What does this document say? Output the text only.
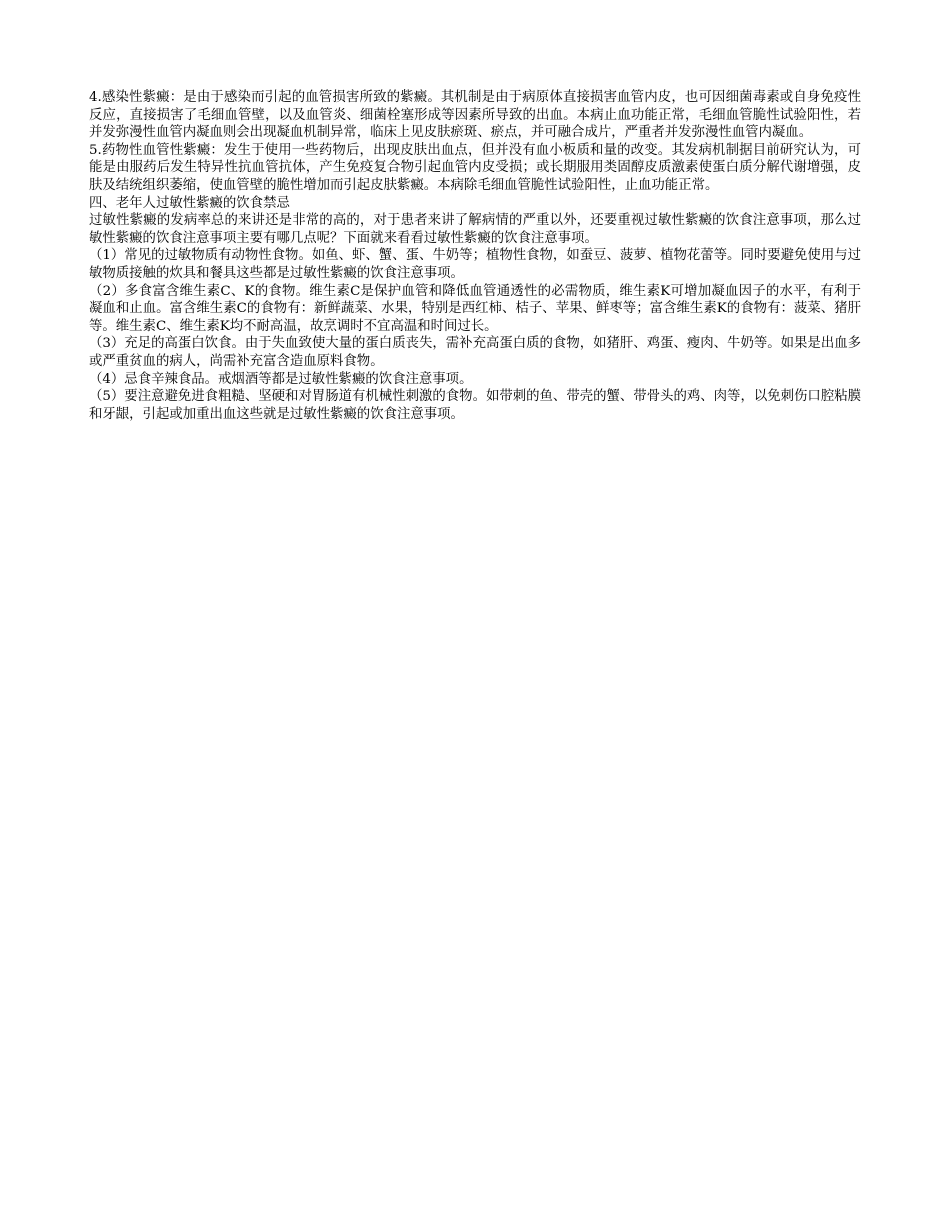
4.感染性紫癜：是由于感染而引起的血管损害所致的紫癜。其机制是由于病原体直接损害血管内皮，也可因细菌毒素或自身免疫性反应，直接损害了毛细血管壁，以及血管炎、细菌栓塞形成等因素所导致的出血。本病止血功能正常，毛细血管脆性试验阳性，若并发弥漫性血管内凝血则会出现凝血机制异常，临床上见皮肤瘀斑、瘀点，并可融合成片，严重者并发弥漫性血管内凝血。

5.药物性血管性紫癜：发生于使用一些药物后，出现皮肤出血点，但并没有血小板质和量的改变。其发病机制据目前研究认为，可能是由服药后发生特异性抗血管抗体，产生免疫复合物引起血管内皮受损；或长期服用类固醇皮质激素使蛋白质分解代谢增强，皮肤及结统组织萎缩，使血管壁的脆性增加而引起皮肤紫癜。本病除毛细血管脆性试验阳性，止血功能正常。

四、老年人过敏性紫癜的饮食禁忌

过敏性紫癜的发病率总的来讲还是非常的高的，对于患者来讲了解病情的严重以外，还要重视过敏性紫癜的饮食注意事项，那么过敏性紫癜的饮食注意事项主要有哪几点呢？下面就来看看过敏性紫癜的饮食注意事项。

（1）常见的过敏物质有动物性食物。如鱼、虾、蟹、蛋、牛奶等；植物性食物，如蚕豆、菠萝、植物花蕾等。同时要避免使用与过敏物质接触的炊具和餐具这些都是过敏性紫癜的饮食注意事项。

（2）多食富含维生素C、K的食物。维生素C是保护血管和降低血管通透性的必需物质，维生素K可增加凝血因子的水平，有利于凝血和止血。富含维生素C的食物有：新鲜蔬菜、水果，特别是西红柿、桔子、苹果、鲜枣等；富含维生素K的食物有：菠菜、猪肝等。维生素C、维生素K均不耐高温，故烹调时不宜高温和时间过长。

（3）充足的高蛋白饮食。由于失血致使大量的蛋白质丧失，需补充高蛋白质的食物，如猪肝、鸡蛋、瘦肉、牛奶等。如果是出血多或严重贫血的病人，尚需补充富含造血原料食物。

（4）忌食辛辣食品。戒烟酒等都是过敏性紫癜的饮食注意事项。

（5）要注意避免进食粗糙、坚硬和对胃肠道有机械性刺激的食物。如带刺的鱼、带壳的蟹、带骨头的鸡、肉等，以免刺伤口腔粘膜和牙龈，引起或加重出血这些就是过敏性紫癜的饮食注意事项。
